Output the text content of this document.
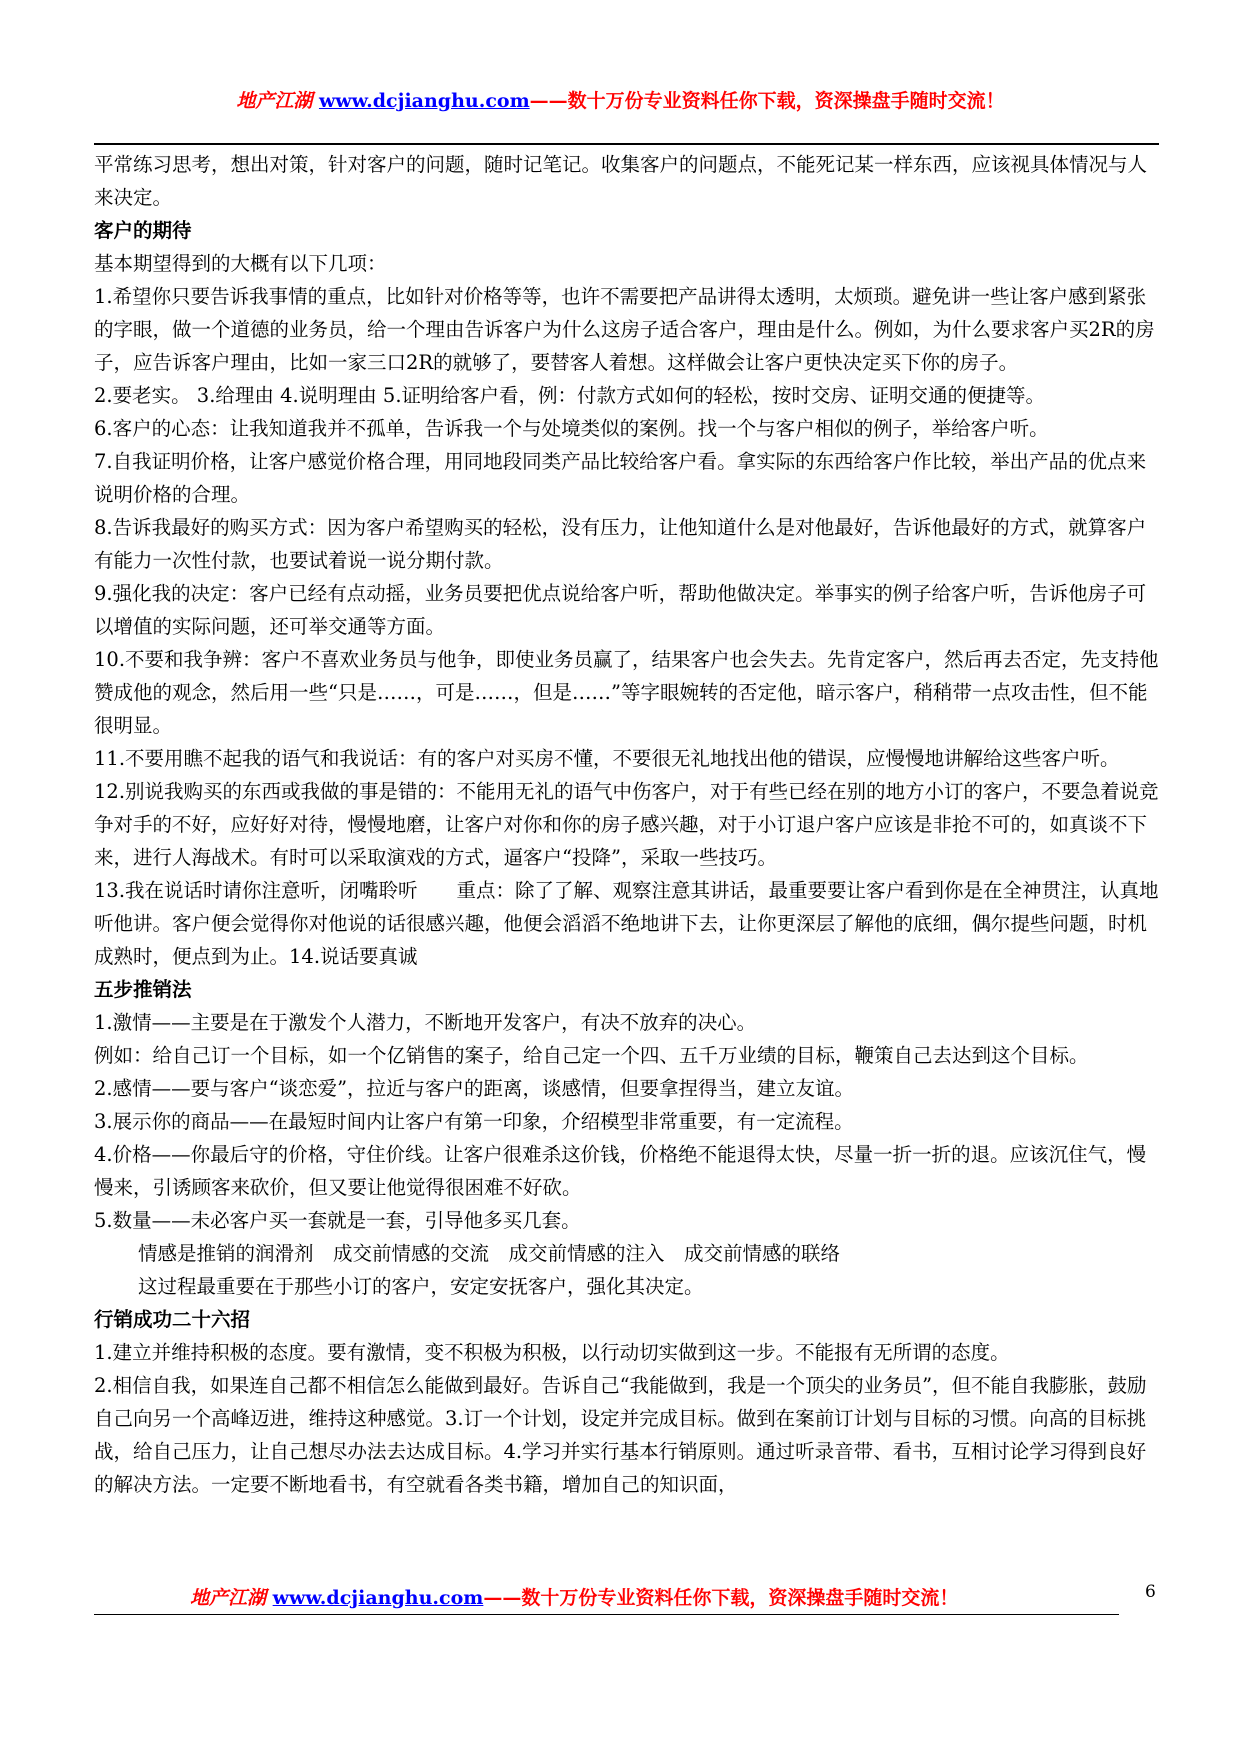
地产江湖 www.dcjianghu.com——数十万份专业资料任你下载，资深操盘手随时交流！

平常练习思考，想出对策，针对客户的问题，随时记笔记。收集客户的问题点，不能死记某一样东西，应该视具体情况与人来决定。

客户的期待

基本期望得到的大概有以下几项：

1.希望你只要告诉我事情的重点，比如针对价格等等，也许不需要把产品讲得太透明，太烦琐。避免讲一些让客户感到紧张的字眼，做一个道德的业务员，给一个理由告诉客户为什么这房子适合客户，理由是什么。例如，为什么要求客户买2R的房子，应告诉客户理由，比如一家三口2R的就够了，要替客人着想。这样做会让客户更快决定买下你的房子。

2.要老实。 3.给理由 4.说明理由 5.证明给客户看，例：付款方式如何的轻松，按时交房、证明交通的便捷等。

6.客户的心态：让我知道我并不孤单，告诉我一个与处境类似的案例。找一个与客户相似的例子，举给客户听。

7.自我证明价格，让客户感觉价格合理，用同地段同类产品比较给客户看。拿实际的东西给客户作比较，举出产品的优点来说明价格的合理。

8.告诉我最好的购买方式：因为客户希望购买的轻松，没有压力，让他知道什么是对他最好，告诉他最好的方式，就算客户有能力一次性付款，也要试着说一说分期付款。

9.强化我的决定：客户已经有点动摇，业务员要把优点说给客户听，帮助他做决定。举事实的例子给客户听，告诉他房子可以增值的实际问题，还可举交通等方面。

10.不要和我争辨：客户不喜欢业务员与他争，即使业务员赢了，结果客户也会失去。先肯定客户，然后再去否定，先支持他赞成他的观念，然后用一些“只是……，可是……，但是……”等字眼婉转的否定他，暗示客户，稍稍带一点攻击性，但不能很明显。

11.不要用瞧不起我的语气和我说话：有的客户对买房不懂，不要很无礼地找出他的错误，应慢慢地讲解给这些客户听。

12.别说我购买的东西或我做的事是错的：不能用无礼的语气中伤客户，对于有些已经在别的地方小订的客户，不要急着说竞争对手的不好，应好好对待，慢慢地磨，让客户对你和你的房子感兴趣，对于小订退户客户应该是非抢不可的，如真谈不下来，进行人海战术。有时可以采取演戏的方式，逼客户“投降”，采取一些技巧。

13.我在说话时请你注意听，闭嘴聆听　　重点：除了了解、观察注意其讲话，最重要要让客户看到你是在全神贯注，认真地听他讲。客户便会觉得你对他说的话很感兴趣，他便会滔滔不绝地讲下去，让你更深层了解他的底细，偶尔提些问题，时机成熟时，便点到为止。14.说话要真诚

五步推销法

1.激情——主要是在于激发个人潜力，不断地开发客户，有决不放弃的决心。

例如：给自己订一个目标，如一个亿销售的案子，给自己定一个四、五千万业绩的目标，鞭策自己去达到这个目标。

2.感情——要与客户“谈恋爱”，拉近与客户的距离，谈感情，但要拿捏得当，建立友谊。

3.展示你的商品——在最短时间内让客户有第一印象，介绍模型非常重要，有一定流程。

4.价格——你最后守的价格，守住价线。让客户很难杀这价钱，价格绝不能退得太快，尽量一折一折的退。应该沉住气，慢慢来，引诱顾客来砍价，但又要让他觉得很困难不好砍。

5.数量——未必客户买一套就是一套，引导他多买几套。

情感是推销的润滑剂　成交前情感的交流　成交前情感的注入　成交前情感的联络

这过程最重要在于那些小订的客户，安定安抚客户，强化其决定。

行销成功二十六招

1.建立并维持积极的态度。要有激情，变不积极为积极，以行动切实做到这一步。不能报有无所谓的态度。

2.相信自我，如果连自己都不相信怎么能做到最好。告诉自己“我能做到，我是一个顶尖的业务员”，但不能自我膨胀，鼓励自己向另一个高峰迈进，维持这种感觉。3.订一个计划，设定并完成目标。做到在案前订计划与目标的习惯。向高的目标挑战，给自己压力，让自己想尽办法去达成目标。4.学习并实行基本行销原则。通过听录音带、看书，互相讨论学习得到良好的解决方法。一定要不断地看书，有空就看各类书籍，增加自己的知识面，

地产江湖 www.dcjianghu.com——数十万份专业资料任你下载，资深操盘手随时交流！	6
